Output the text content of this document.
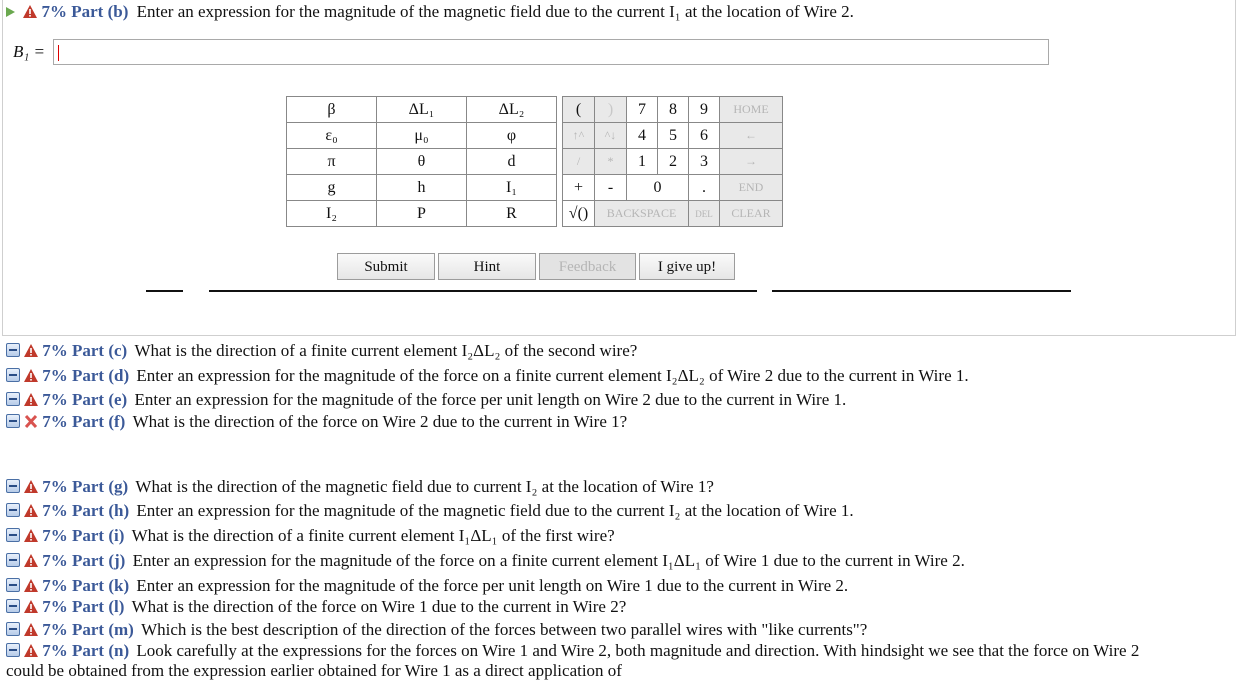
7% Part (b) Enter an expression for the magnitude of the magnetic field due to the current I₁ at the location of Wire 2.
B₁ =
β	ΔL₁	ΔL₂
ε₀	μ₀	φ
π	θ	d
g	h	I₁
I₂	P	R
(	)	7	8	9	HOME
↑^	^↓	4	5	6	←
/	*	1	2	3	→
+	-	0		.	END
√()	BACKSPACE			DEL	CLEAR
Submit	Hint	Feedback	I give up!
7% Part (c) What is the direction of a finite current element I₂ΔL₂ of the second wire?
7% Part (d) Enter an expression for the magnitude of the force on a finite current element I₂ΔL₂ of Wire 2 due to the current in Wire 1.
7% Part (e) Enter an expression for the magnitude of the force per unit length on Wire 2 due to the current in Wire 1.
7% Part (f) What is the direction of the force on Wire 2 due to the current in Wire 1?
7% Part (g) What is the direction of the magnetic field due to current I₂ at the location of Wire 1?
7% Part (h) Enter an expression for the magnitude of the magnetic field due to the current I₂ at the location of Wire 1.
7% Part (i) What is the direction of a finite current element I₁ΔL₁ of the first wire?
7% Part (j) Enter an expression for the magnitude of the force on a finite current element I₁ΔL₁ of Wire 1 due to the current in Wire 2.
7% Part (k) Enter an expression for the magnitude of the force per unit length on Wire 1 due to the current in Wire 2.
7% Part (l) What is the direction of the force on Wire 1 due to the current in Wire 2?
7% Part (m) Which is the best description of the direction of the forces between two parallel wires with "like currents"?
7% Part (n) Look carefully at the expressions for the forces on Wire 1 and Wire 2, both magnitude and direction. With hindsight we see that the force on Wire 2
could be obtained from the expression earlier obtained for Wire 1 as a direct application of
